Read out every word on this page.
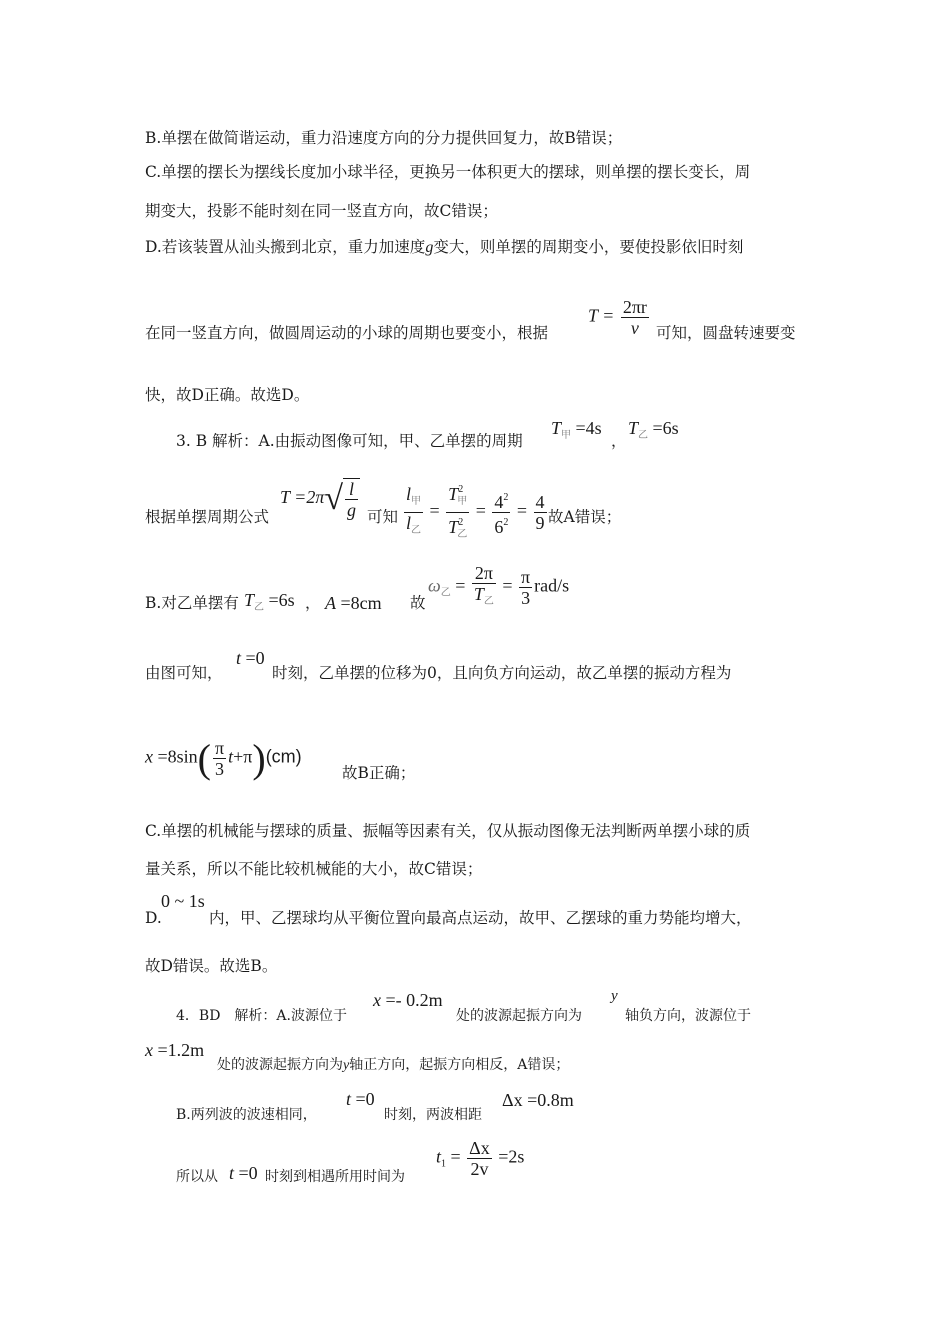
B.单摆在做简谐运动，重力沿速度方向的分力提供回复力，故B错误；
C.单摆的摆长为摆线长度加小球半径，更换另一体积更大的摆球，则单摆的摆长变长，周
期变大，投影不能时刻在同一竖直方向，故C错误；
D.若该装置从汕头搬到北京，重力加速度g变大，则单摆的周期变小，要使投影依旧时刻
在同一竖直方向，做圆周运动的小球的周期也要变小，根据
$T = \frac{2\pi r}{v}$ 可知，圆盘转速要变
快，故D正确。故选D。
3. B 解析：A.由振动图像可知，甲、乙单摆的周期
$T_甲 =4s$
，
$T_乙 =6s$
根据单摆周期公式
$T =2\pi√ \frac{l}{g}$ 可知 $\frac{l_甲}{l_乙} = \frac{T^2_甲}{T^2_乙} = \frac{4^2}{6^2} = \frac{4}{9}$ 故A错误；
B.对乙单摆有 $T_乙 =6s$ ， A =8cm 故
$\omega_乙 = \frac{2\pi}{T_乙} = \frac{\pi}{3} rad/s$
由图可知，
t =0
时刻，乙单摆的位移为0，且向负方向运动，故乙单摆的振动方程为
$x =8\sin( \frac{\pi}{3} t+\pi)(cm)$
故B正确；
C.单摆的机械能与摆球的质量、振幅等因素有关，仅从振动图像无法判断两单摆小球的质
量关系，所以不能比较机械能的大小，故C错误；
D.
0 ~ 1s
内，甲、乙摆球均从平衡位置向最高点运动，故甲、乙摆球的重力势能均增大，
故D错误。故选B。
4．BD　解析：A.波源位于
x =- 0.2m
处的波源起振方向为
y
轴负方向，波源位于
x =1.2m
处的波源起振方向为y轴正方向，起振方向相反，A错误；
B.两列波的波速相同，
t =0
时刻，两波相距
Δx =0.8m
所以从 t =0 时刻到相遇所用时间为
$t_1 = \frac{\Delta x}{2v} =2s$
